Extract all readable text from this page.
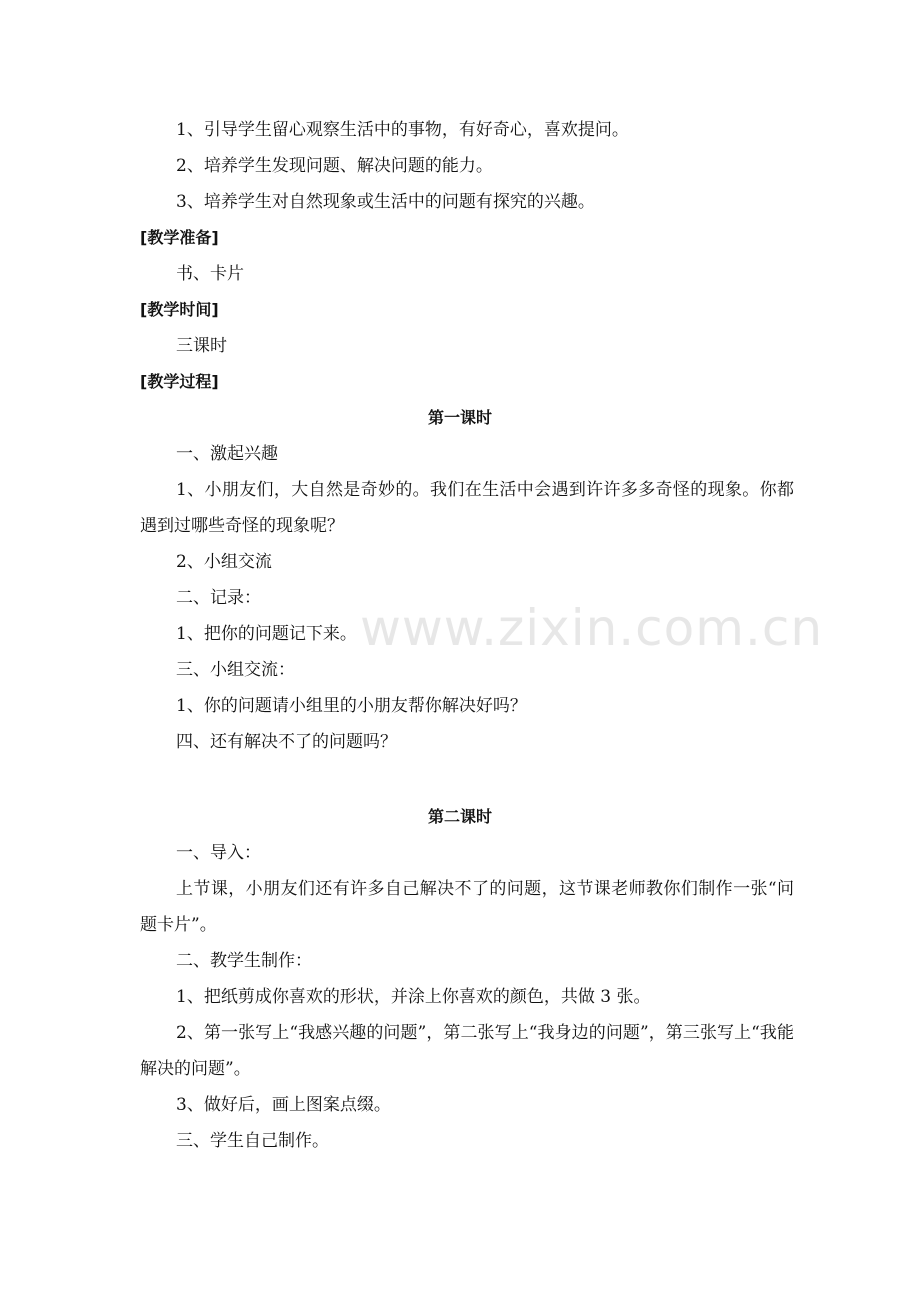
www.zixin.com.cn
1、引导学生留心观察生活中的事物，有好奇心，喜欢提问。
2、培养学生发现问题、解决问题的能力。
3、培养学生对自然现象或生活中的问题有探究的兴趣。
[教学准备]
书、卡片
[教学时间]
三课时
[教学过程]
第一课时
一、激起兴趣
1、小朋友们，大自然是奇妙的。我们在生活中会遇到许许多多奇怪的现象。你都遇到过哪些奇怪的现象呢？
2、小组交流
二、记录：
1、把你的问题记下来。
三、小组交流：
1、你的问题请小组里的小朋友帮你解决好吗？
四、还有解决不了的问题吗？
第二课时
一、导入：
上节课，小朋友们还有许多自己解决不了的问题，这节课老师教你们制作一张“问题卡片”。
二、教学生制作：
1、把纸剪成你喜欢的形状，并涂上你喜欢的颜色，共做 3 张。
2、第一张写上“我感兴趣的问题”，第二张写上“我身边的问题”，第三张写上“我能解决的问题”。
3、做好后，画上图案点缀。
三、学生自己制作。
